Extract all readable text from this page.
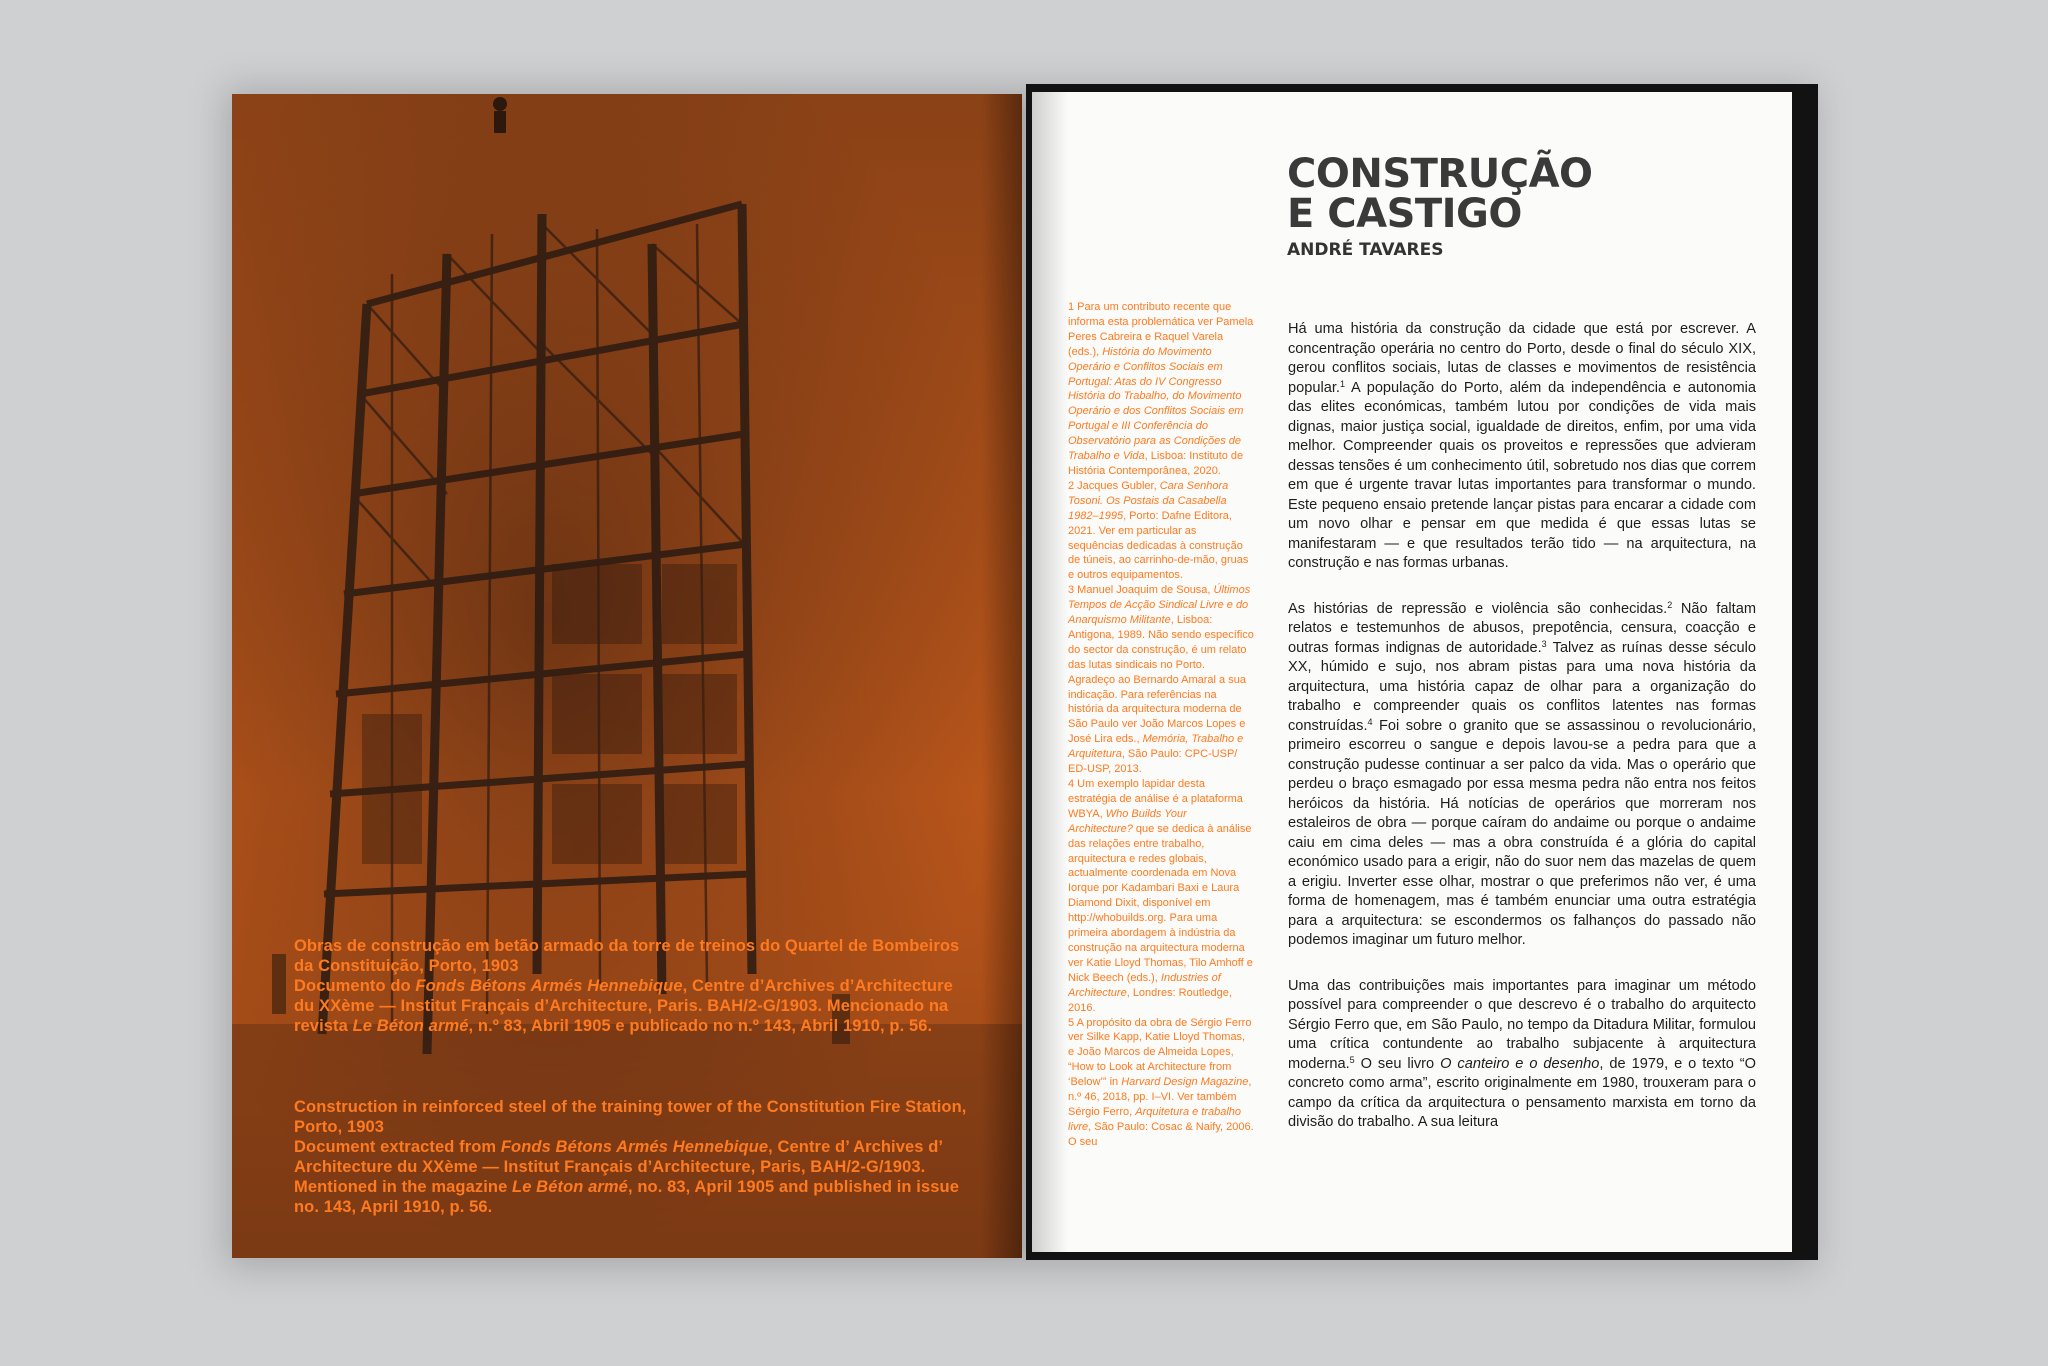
Obras de construção em betão armado da torre de treinos do Quartel de Bombeiros da Constituição, Porto, 1903

Documento do Fonds Bétons Armés Hennebique, Centre d’Archives d’Architecture du XXème — Institut Français d’Architecture, Paris. BAH/2-G/1903. Mencionado na revista Le Béton armé, n.º 83, Abril 1905 e publicado no n.º 143, Abril 1910, p. 56.

Construction in reinforced steel of the training tower of the Constitution Fire Station, Porto, 1903

Document extracted from Fonds Bétons Armés Hennebique, Centre d’ Archives d’ Architecture du XXème — Institut Français d’Architecture, Paris, BAH/2-G/1903. Mentioned in the magazine Le Béton armé, no. 83, April 1905 and published in issue no. 143, April 1910, p. 56.

CONSTRUÇÃO
E CASTIGO
ANDRÉ TAVARES

1 Para um contributo recente que informa esta problemática ver Pamela Peres Cabreira e Raquel Varela (eds.), História do Movimento Operário e Conflitos Sociais em Portugal: Atas do IV Congresso História do Trabalho, do Movimento Operário e dos Conflitos Sociais em Portugal e III Conferência do Observatório para as Condições de Trabalho e Vida, Lisboa: Instituto de História Contemporânea, 2020.

2 Jacques Gubler, Cara Senhora Tosoni. Os Postais da Casabella 1982–1995, Porto: Dafne Editora, 2021. Ver em particular as sequências dedicadas à construção de túneis, ao carrinho-de-mão, gruas e outros equipamentos.

3 Manuel Joaquim de Sousa, Últimos Tempos de Acção Sindical Livre e do Anarquismo Militante, Lisboa: Antigona, 1989. Não sendo específico do sector da construção, é um relato das lutas sindicais no Porto. Agradeço ao Bernardo Amaral a sua indicação. Para referências na história da arquitectura moderna de São Paulo ver João Marcos Lopes e José Lira eds., Memória, Trabalho e Arquitetura, São Paulo: CPC-USP/ ED-USP, 2013.

4 Um exemplo lapidar desta estratégia de análise é a plataforma WBYA, Who Builds Your Architecture? que se dedica à análise das relações entre trabalho, arquitectura e redes globais, actualmente coordenada em Nova Iorque por Kadambari Baxi e Laura Diamond Dixit, disponível em http://whobuilds.org. Para uma primeira abordagem à indústria da construção na arquitectura moderna ver Katie Lloyd Thomas, Tilo Amhoff e Nick Beech (eds.), Industries of Architecture, Londres: Routledge, 2016.

5 A propósito da obra de Sérgio Ferro ver Silke Kapp, Katie Lloyd Thomas, e João Marcos de Almeida Lopes, “How to Look at Architecture from ‘Below’” in Harvard Design Magazine, n.º 46, 2018, pp. I–VI. Ver também Sérgio Ferro, Arquitetura e trabalho livre, São Paulo: Cosac & Naify, 2006. O seu

Há uma história da construção da cidade que está por escrever. A concentração operária no centro do Porto, desde o final do século XIX, gerou conflitos sociais, lutas de classes e movimentos de resistência popular.$^1$ A população do Porto, além da independência e autonomia das elites económicas, também lutou por condições de vida mais dignas, maior justiça social, igualdade de direitos, enfim, por uma vida melhor. Compreender quais os proveitos e repressões que advieram dessas tensões é um conhecimento útil, sobretudo nos dias que correm em que é urgente travar lutas importantes para transformar o mundo. Este pequeno ensaio pretende lançar pistas para encarar a cidade com um novo olhar e pensar em que medida é que essas lutas se manifestaram — e que resultados terão tido — na arquitectura, na construção e nas formas urbanas.

As histórias de repressão e violência são conhecidas.$^2$ Não faltam relatos e testemunhos de abusos, prepotência, censura, coacção e outras formas indignas de autoridade.$^3$ Talvez as ruínas desse século XX, húmido e sujo, nos abram pistas para uma nova história da arquitectura, uma história capaz de olhar para a organização do trabalho e compreender quais os conflitos latentes nas formas construídas.$^4$ Foi sobre o granito que se assassinou o revolucionário, primeiro escorreu o sangue e depois lavou-se a pedra para que a construção pudesse continuar a ser palco da vida. Mas o operário que perdeu o braço esmagado por essa mesma pedra não entra nos feitos heróicos da história. Há notícias de operários que morreram nos estaleiros de obra — porque caíram do andaime ou porque o andaime caiu em cima deles — mas a obra construída é a glória do capital económico usado para a erigir, não do suor nem das mazelas de quem a erigiu. Inverter esse olhar, mostrar o que preferimos não ver, é uma forma de homenagem, mas é também enunciar uma outra estratégia para a arquitectura: se escondermos os falhanços do passado não podemos imaginar um futuro melhor.

Uma das contribuições mais importantes para imaginar um método possível para compreender o que descrevo é o trabalho do arquitecto Sérgio Ferro que, em São Paulo, no tempo da Ditadura Militar, formulou uma crítica contundente ao trabalho subjacente à arquitectura moderna.$^5$ O seu livro O canteiro e o desenho, de 1979, e o texto “O concreto como arma”, escrito originalmente em 1980, trouxeram para o campo da crítica da arquitectura o pensamento marxista em torno da divisão do trabalho. A sua leitura
